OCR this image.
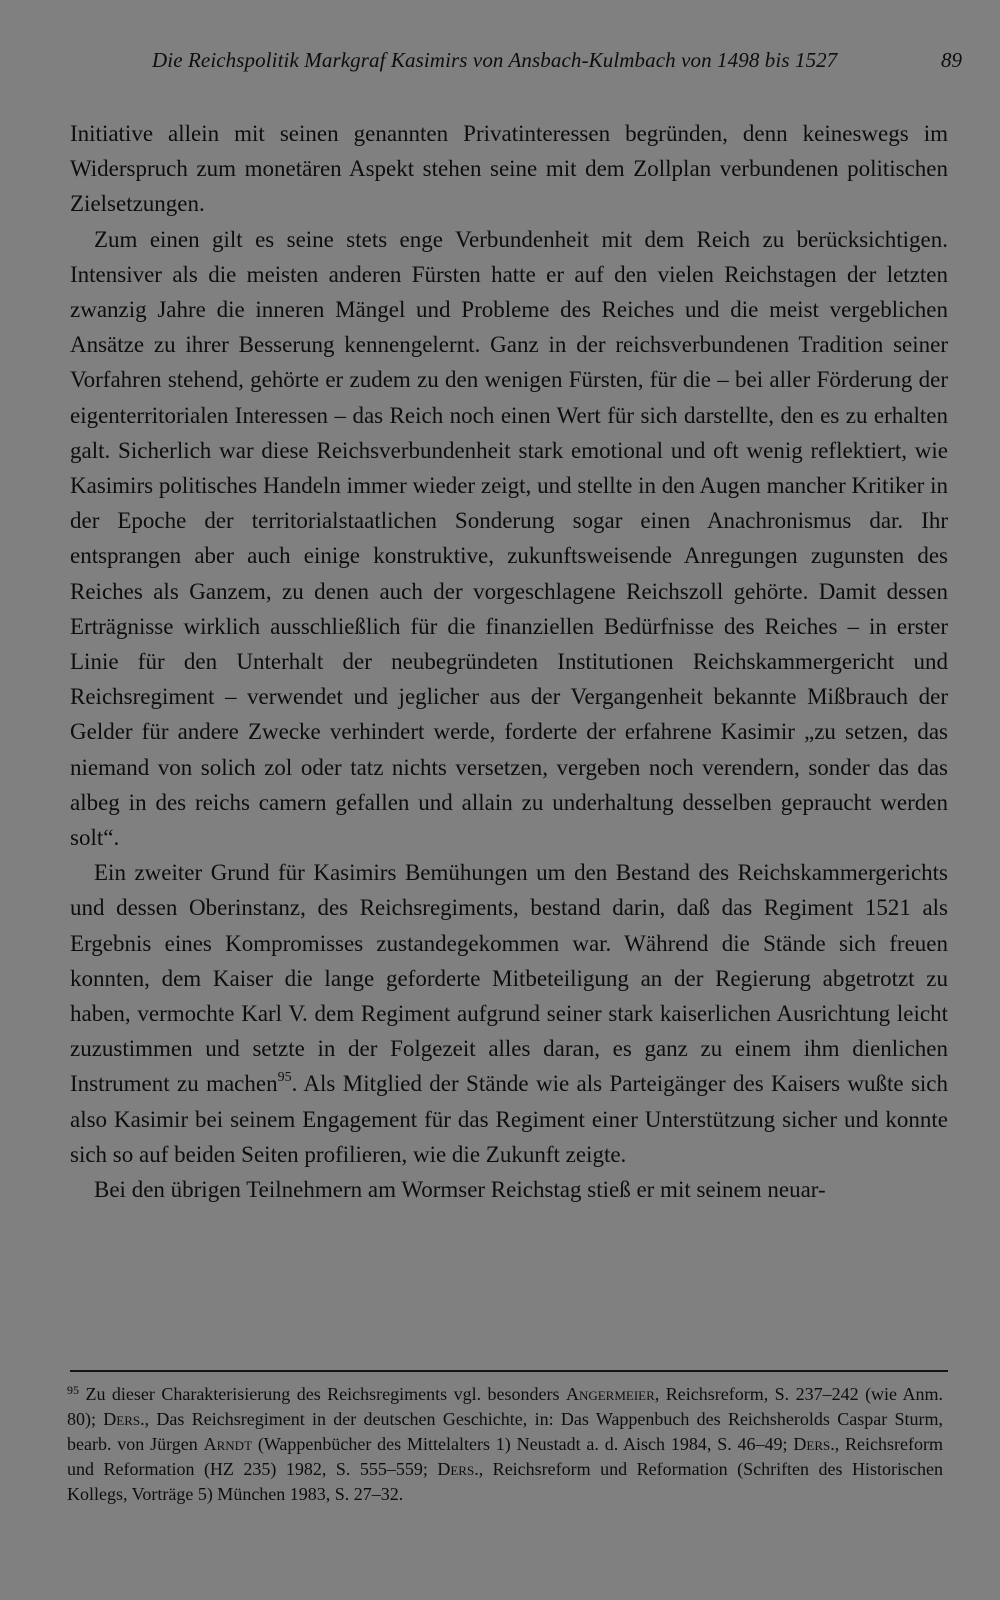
Die Reichspolitik Markgraf Kasimirs von Ansbach-Kulmbach von 1498 bis 1527	89

Initiative allein mit seinen genannten Privatinteressen begründen, denn keineswegs im Widerspruch zum monetären Aspekt stehen seine mit dem Zollplan verbundenen politischen Zielsetzungen.

Zum einen gilt es seine stets enge Verbundenheit mit dem Reich zu berücksichtigen. Intensiver als die meisten anderen Fürsten hatte er auf den vielen Reichstagen der letzten zwanzig Jahre die inneren Mängel und Probleme des Reiches und die meist vergeblichen Ansätze zu ihrer Besserung kennengelernt. Ganz in der reichsverbundenen Tradition seiner Vorfahren stehend, gehörte er zudem zu den wenigen Fürsten, für die – bei aller Förderung der eigenterritorialen Interessen – das Reich noch einen Wert für sich darstellte, den es zu erhalten galt. Sicherlich war diese Reichsverbundenheit stark emotional und oft wenig reflektiert, wie Kasimirs politisches Handeln immer wieder zeigt, und stellte in den Augen mancher Kritiker in der Epoche der territorialstaatlichen Sonderung sogar einen Anachronismus dar. Ihr entsprangen aber auch einige konstruktive, zukunftsweisende Anregungen zugunsten des Reiches als Ganzem, zu denen auch der vorgeschlagene Reichszoll gehörte. Damit dessen Erträgnisse wirklich ausschließlich für die finanziellen Bedürfnisse des Reiches – in erster Linie für den Unterhalt der neubegründeten Institutionen Reichskammergericht und Reichsregiment – verwendet und jeglicher aus der Vergangenheit bekannte Mißbrauch der Gelder für andere Zwecke verhindert werde, forderte der erfahrene Kasimir „zu setzen, das niemand von solich zol oder tatz nichts versetzen, vergeben noch verendern, sonder das das albeg in des reichs camern gefallen und allain zu underhaltung desselben gepraucht werden solt“.

Ein zweiter Grund für Kasimirs Bemühungen um den Bestand des Reichskammergerichts und dessen Oberinstanz, des Reichsregiments, bestand darin, daß das Regiment 1521 als Ergebnis eines Kompromisses zustandegekommen war. Während die Stände sich freuen konnten, dem Kaiser die lange geforderte Mitbeteiligung an der Regierung abgetrotzt zu haben, vermochte Karl V. dem Regiment aufgrund seiner stark kaiserlichen Ausrichtung leicht zuzustimmen und setzte in der Folgezeit alles daran, es ganz zu einem ihm dienlichen Instrument zu machen$^{95}$. Als Mitglied der Stände wie als Parteigänger des Kaisers wußte sich also Kasimir bei seinem Engagement für das Regiment einer Unterstützung sicher und konnte sich so auf beiden Seiten profilieren, wie die Zukunft zeigte.

Bei den übrigen Teilnehmern am Wormser Reichstag stieß er mit seinem neuar-

$^{95}$ Zu dieser Charakterisierung des Reichsregiments vgl. besonders Angermeier, Reichsreform, S. 237–242 (wie Anm. 80); Ders., Das Reichsregiment in der deutschen Geschichte, in: Das Wappenbuch des Reichsherolds Caspar Sturm, bearb. von Jürgen Arndt (Wappenbücher des Mittelalters 1) Neustadt a. d. Aisch 1984, S. 46–49; Ders., Reichsreform und Reformation (HZ 235) 1982, S. 555–559; Ders., Reichsreform und Reformation (Schriften des Historischen Kollegs, Vorträge 5) München 1983, S. 27–32.
